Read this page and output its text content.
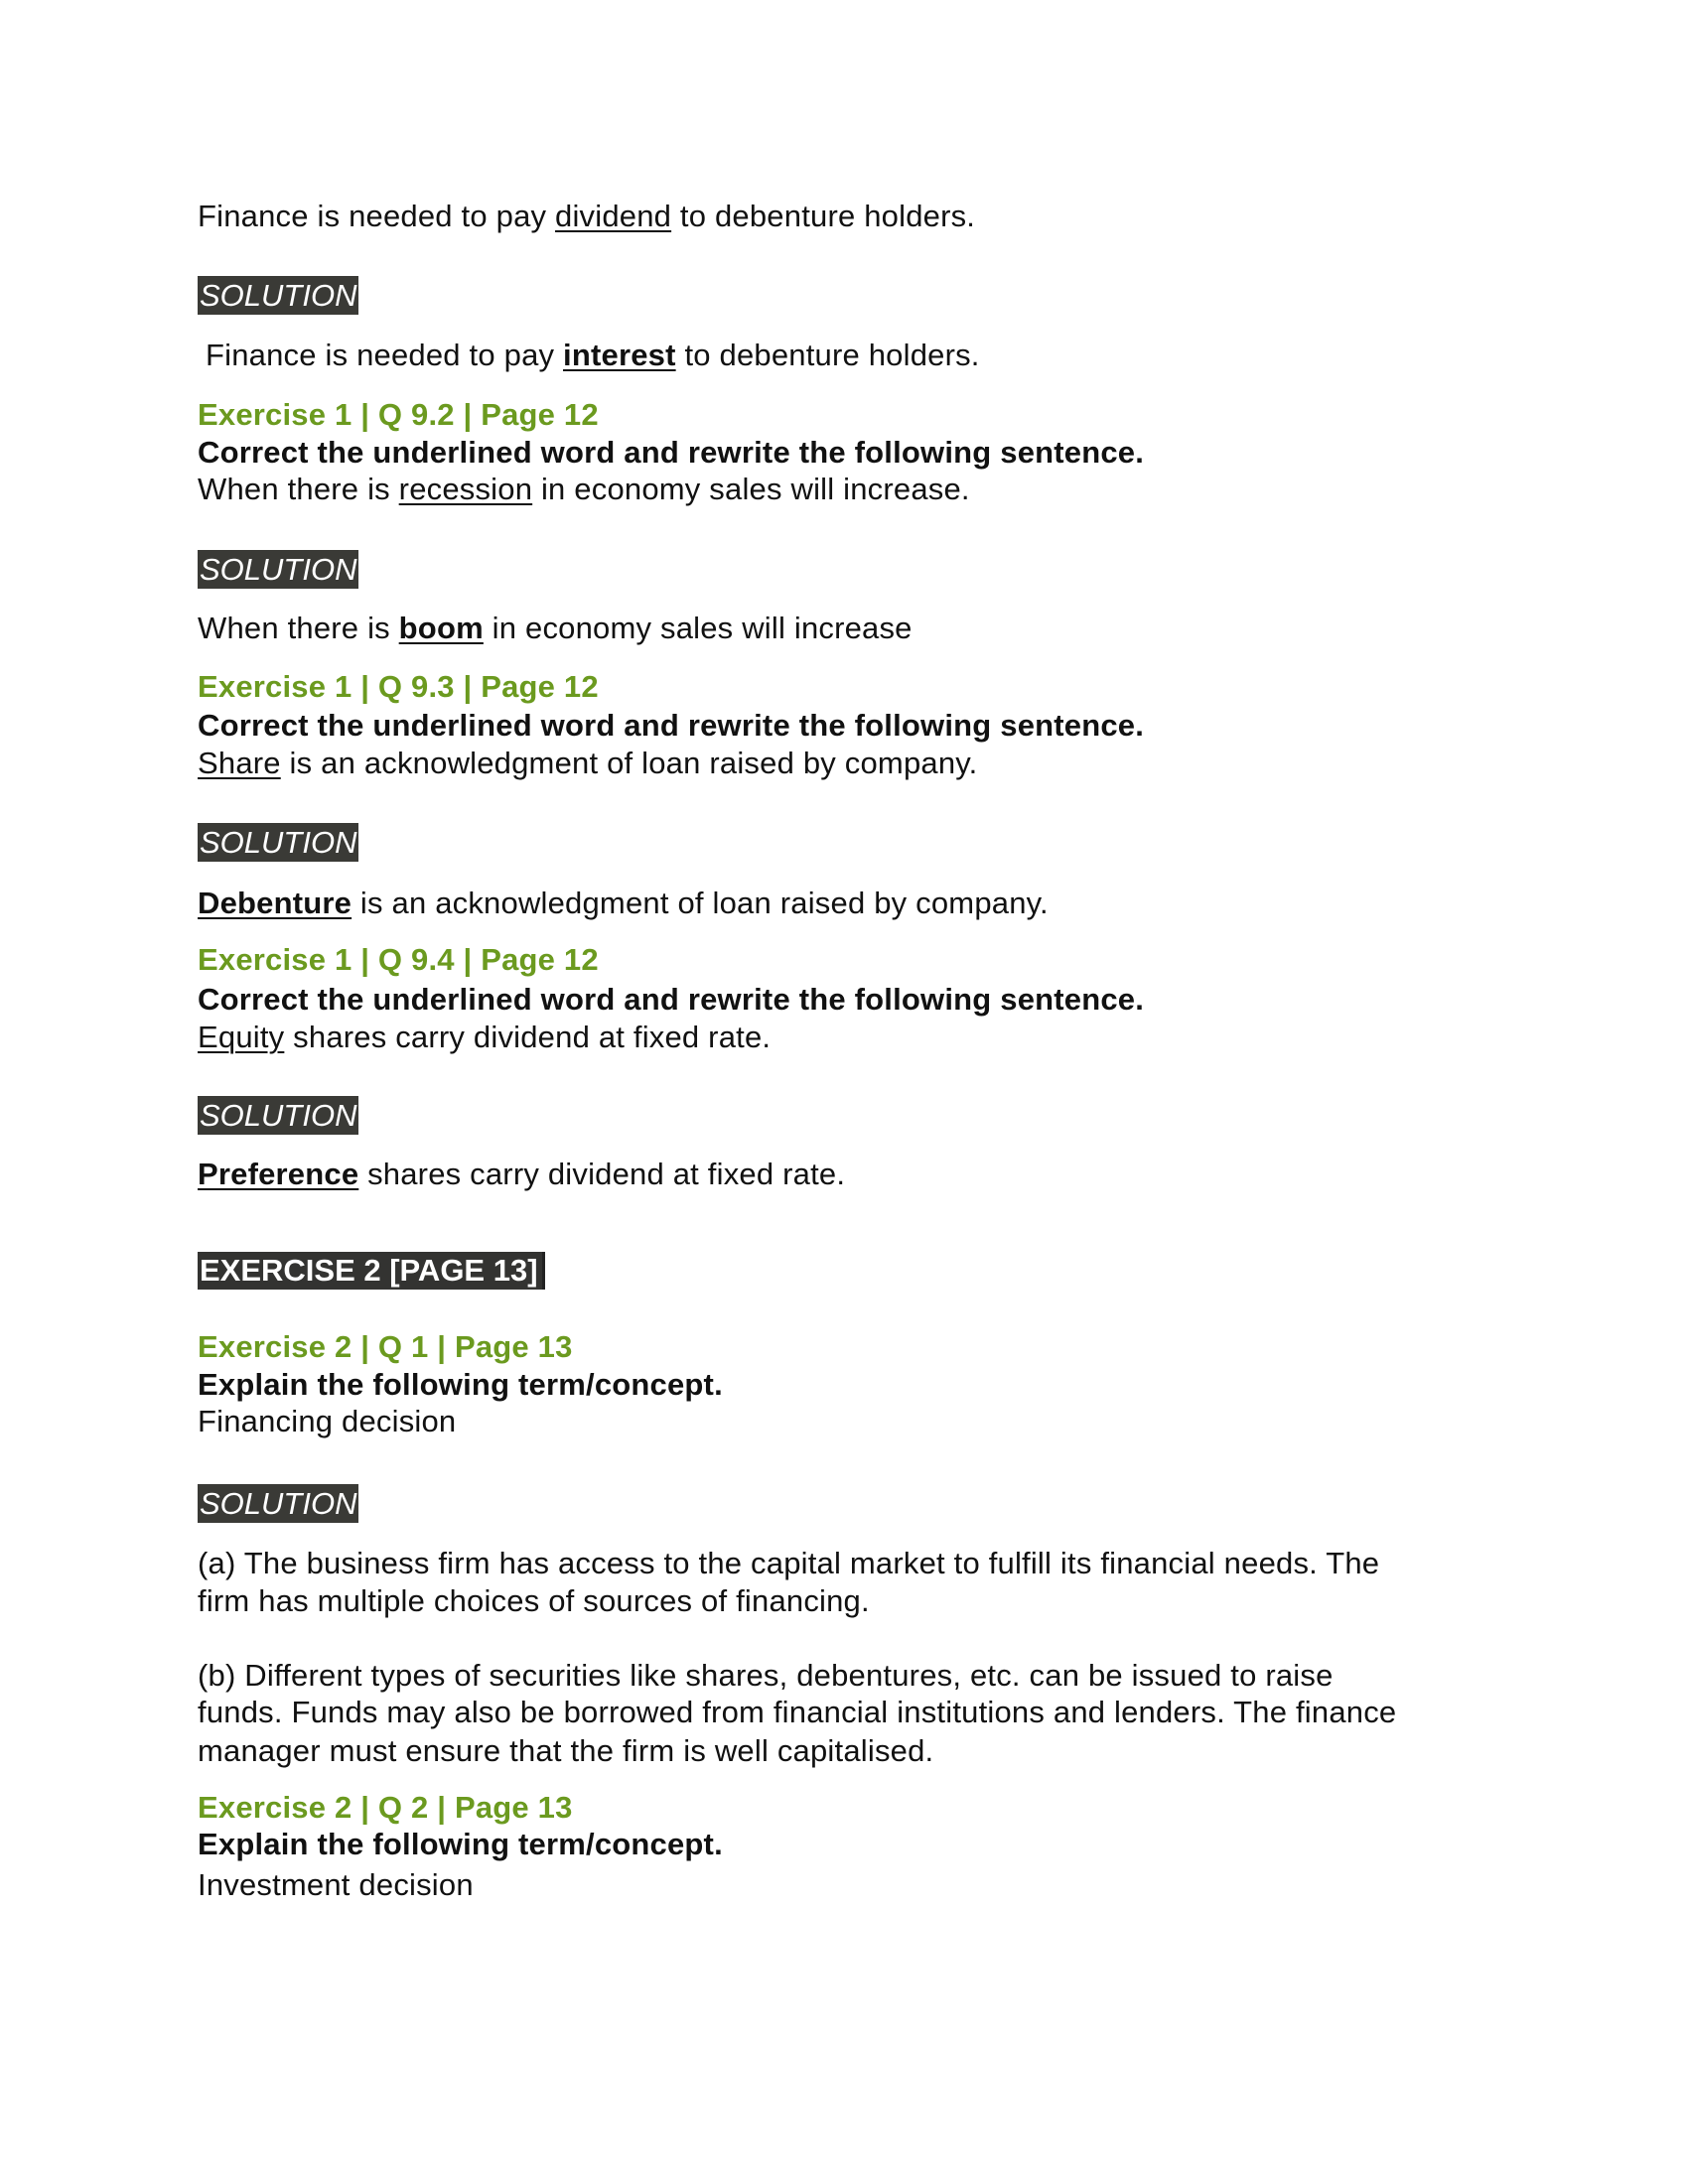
Finance is needed to pay dividend to debenture holders.
SOLUTION
Finance is needed to pay interest to debenture holders.
Exercise 1 | Q 9.2 | Page 12
Correct the underlined word and rewrite the following sentence.
When there is recession in economy sales will increase.
SOLUTION
When there is boom in economy sales will increase
Exercise 1 | Q 9.3 | Page 12
Correct the underlined word and rewrite the following sentence.
Share is an acknowledgment of loan raised by company.
SOLUTION
Debenture is an acknowledgment of loan raised by company.
Exercise 1 | Q 9.4 | Page 12
Correct the underlined word and rewrite the following sentence.
Equity shares carry dividend at fixed rate.
SOLUTION
Preference shares carry dividend at fixed rate.
EXERCISE 2 [PAGE 13]
Exercise 2 | Q 1 | Page 13
Explain the following term/concept.
Financing decision
SOLUTION
(a) The business firm has access to the capital market to fulfill its financial needs. The
firm has multiple choices of sources of financing.
(b) Different types of securities like shares, debentures, etc. can be issued to raise
funds. Funds may also be borrowed from financial institutions and lenders. The finance
manager must ensure that the firm is well capitalised.
Exercise 2 | Q 2 | Page 13
Explain the following term/concept.
Investment decision
